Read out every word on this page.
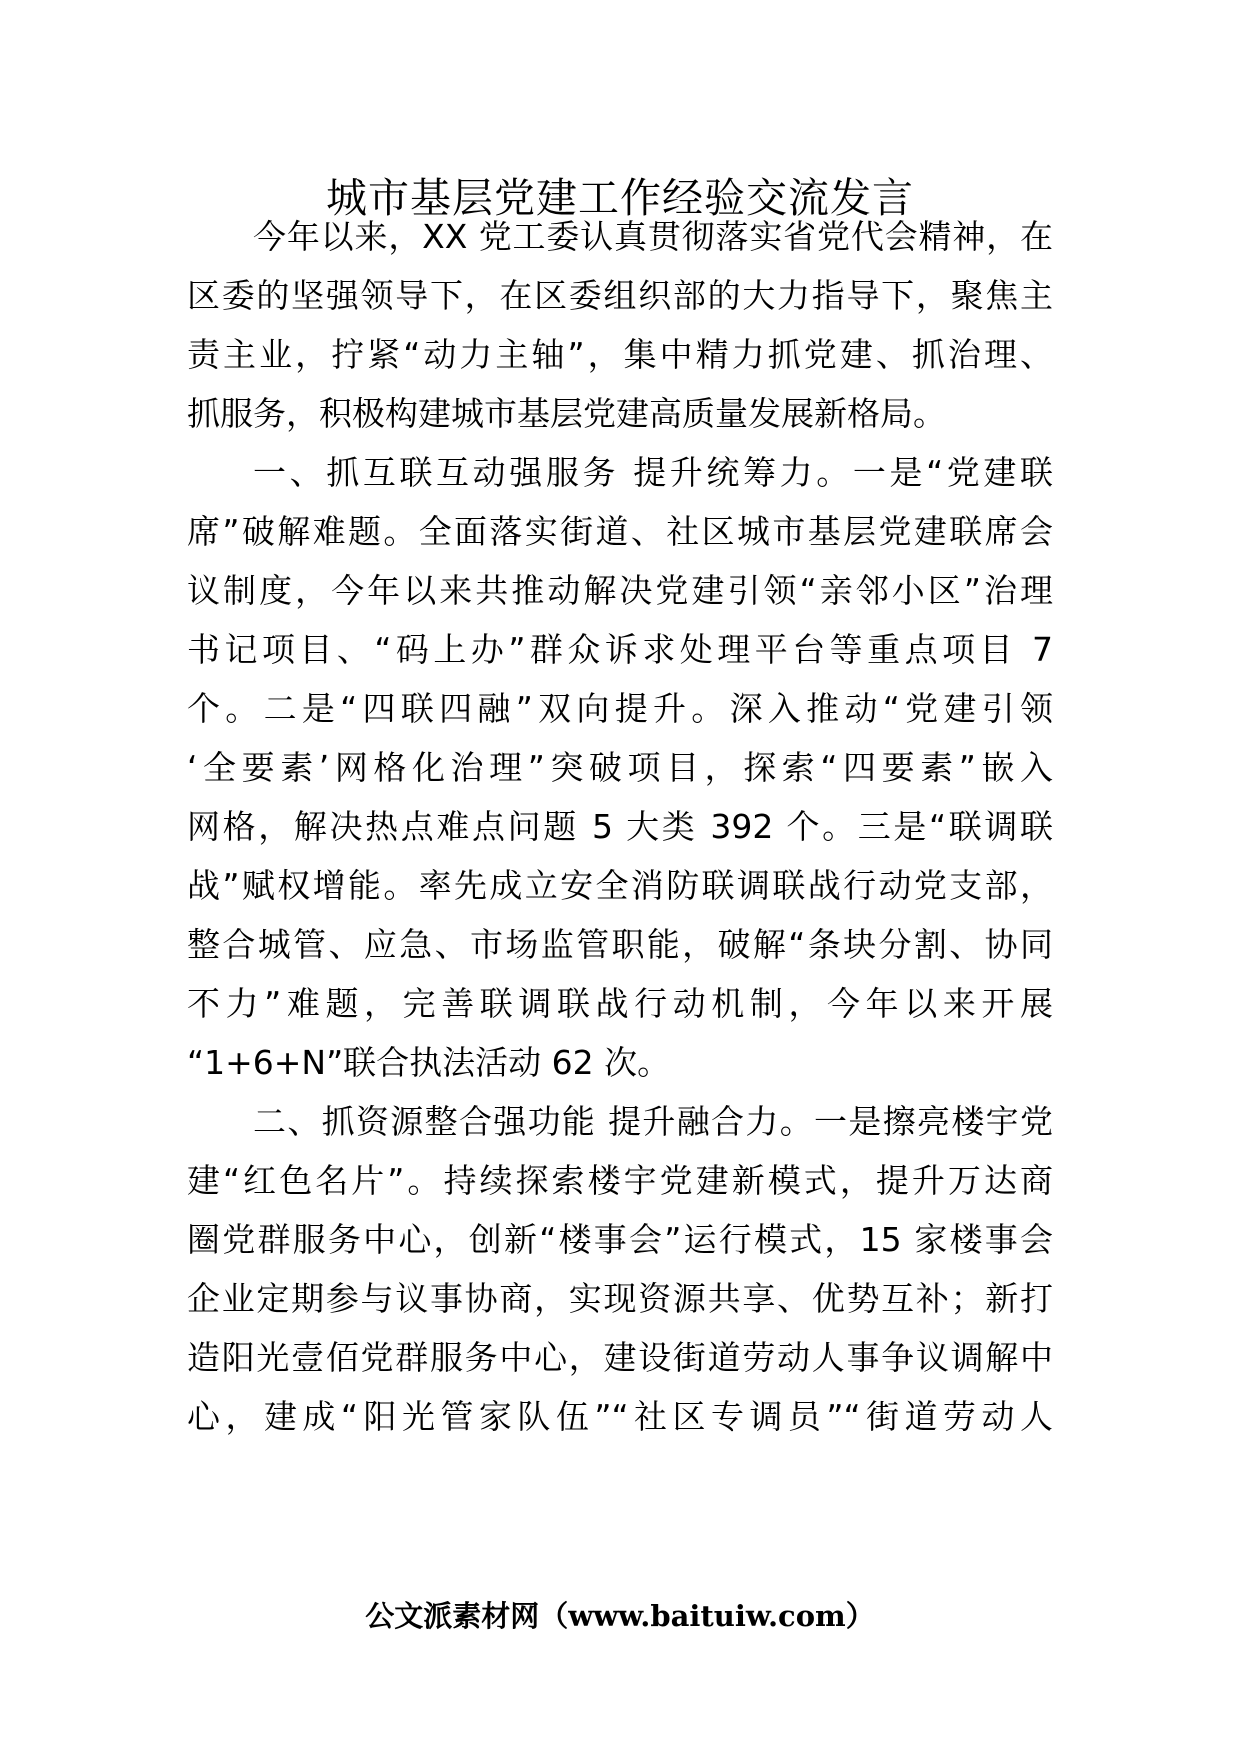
城市基层党建工作经验交流发言

今年以来，XX 党工委认真贯彻落实省党代会精神，在

区委的坚强领导下，在区委组织部的大力指导下，聚焦主

责主业，拧紧“动力主轴”，集中精力抓党建、抓治理、

抓服务，积极构建城市基层党建高质量发展新格局。

一、抓互联互动强服务 提升统筹力。一是“党建联

席”破解难题。全面落实街道、社区城市基层党建联席会

议制度，今年以来共推动解决党建引领“亲邻小区”治理

书记项目、“码上办”群众诉求处理平台等重点项目 7

个。二是“四联四融”双向提升。深入推动“党建引领

‘全要素’网格化治理”突破项目，探索“四要素”嵌入

网格，解决热点难点问题 5 大类 392 个。三是“联调联

战”赋权增能。率先成立安全消防联调联战行动党支部，

整合城管、应急、市场监管职能，破解“条块分割、协同

不力”难题，完善联调联战行动机制，今年以来开展

“1+6+N”联合执法活动 62 次。

二、抓资源整合强功能 提升融合力。一是擦亮楼宇党

建“红色名片”。持续探索楼宇党建新模式，提升万达商

圈党群服务中心，创新“楼事会”运行模式，15 家楼事会

企业定期参与议事协商，实现资源共享、优势互补；新打

造阳光壹佰党群服务中心，建设街道劳动人事争议调解中

心，建成“阳光管家队伍”“社区专调员”“街道劳动人

公文派素材网（www.baituiw.com）
